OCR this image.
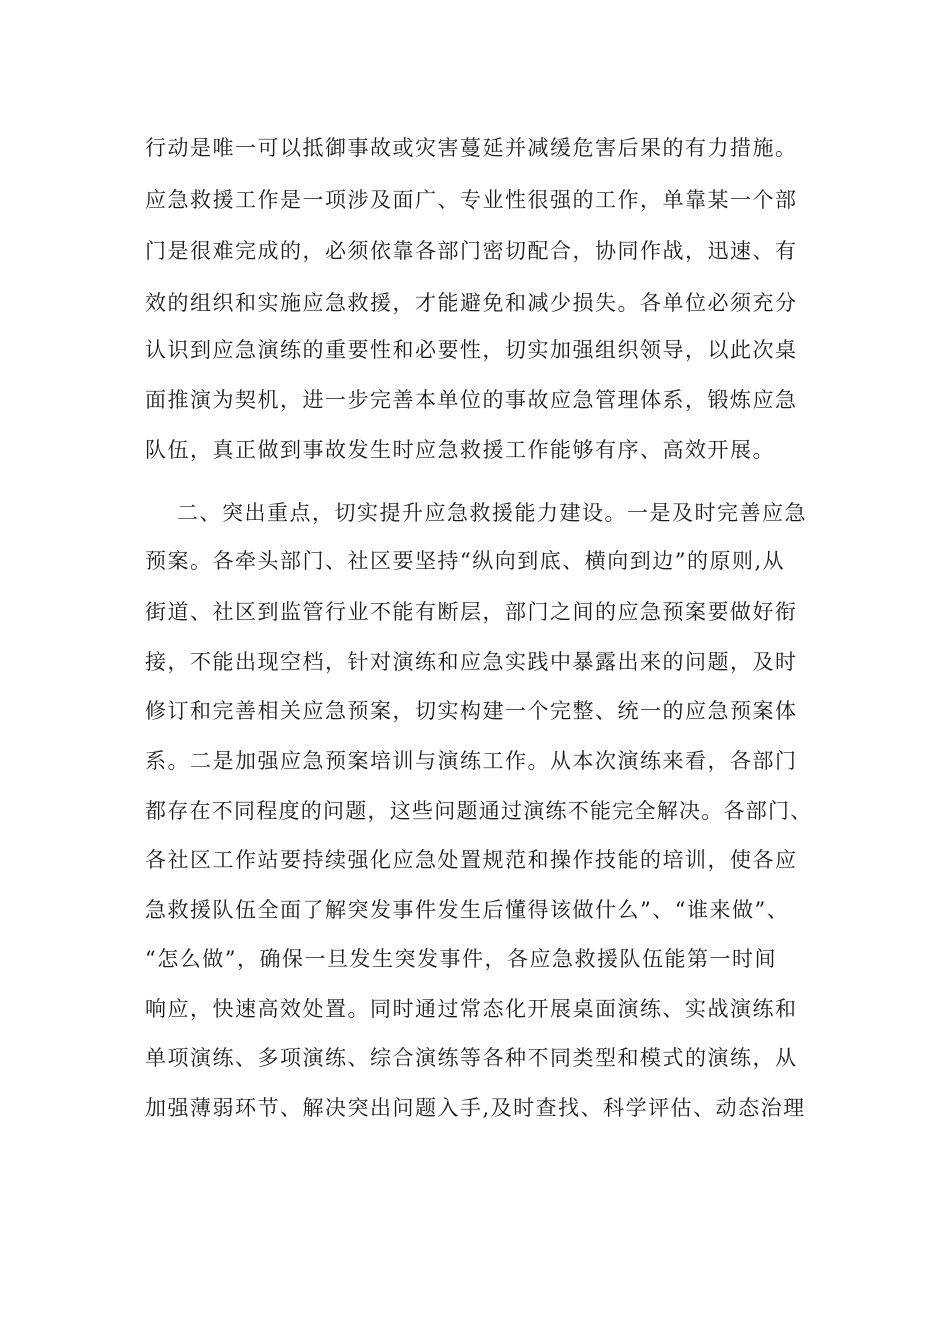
行动是唯一可以抵御事故或灾害蔓延并减缓危害后果的有力措施。
应急救援工作是一项涉及面广、专业性很强的工作，单靠某一个部
门是很难完成的，必须依靠各部门密切配合，协同作战，迅速、有
效的组织和实施应急救援，才能避免和减少损失。各单位必须充分
认识到应急演练的重要性和必要性，切实加强组织领导，以此次桌
面推演为契机，进一步完善本单位的事故应急管理体系，锻炼应急
队伍，真正做到事故发生时应急救援工作能够有序、高效开展。
二、突出重点，切实提升应急救援能力建设。一是及时完善应急
预案。各牵头部门、社区要坚持“纵向到底、横向到边”的原则,从
街道、社区到监管行业不能有断层，部门之间的应急预案要做好衔
接，不能出现空档，针对演练和应急实践中暴露出来的问题，及时
修订和完善相关应急预案，切实构建一个完整、统一的应急预案体
系。二是加强应急预案培训与演练工作。从本次演练来看，各部门
都存在不同程度的问题，这些问题通过演练不能完全解决。各部门、
各社区工作站要持续强化应急处置规范和操作技能的培训，使各应
急救援队伍全面了解突发事件发生后懂得该做什么”、“谁来做”、
“怎么做”，确保一旦发生突发事件，各应急救援队伍能第一时间
响应，快速高效处置。同时通过常态化开展桌面演练、实战演练和
单项演练、多项演练、综合演练等各种不同类型和模式的演练，从
加强薄弱环节、解决突出问题入手,及时查找、科学评估、动态治理
